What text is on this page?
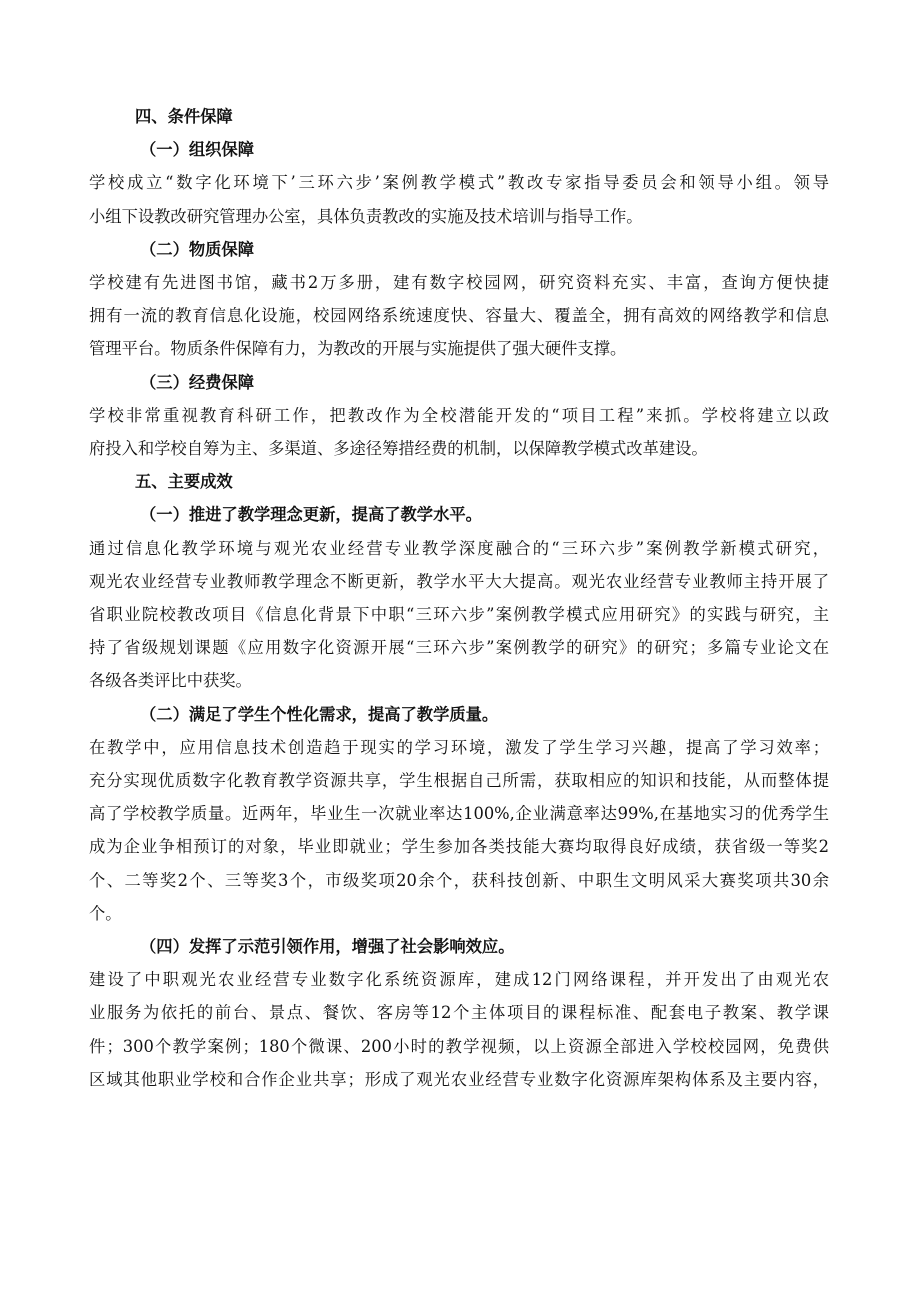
四、条件保障

（一）组织保障

学校成立“数字化环境下’三环六步’案例教学模式”教改专家指导委员会和领导小组。领导

小组下设教改研究管理办公室，具体负责教改的实施及技术培训与指导工作。

（二）物质保障

学校建有先进图书馆，藏书2万多册，建有数字校园网，研究资料充实、丰富，查询方便快捷

拥有一流的教育信息化设施，校园网络系统速度快、容量大、覆盖全，拥有高效的网络教学和信息

管理平台。物质条件保障有力，为教改的开展与实施提供了强大硬件支撑。

（三）经费保障

学校非常重视教育科研工作，把教改作为全校潜能开发的“项目工程”来抓。学校将建立以政

府投入和学校自筹为主、多渠道、多途径筹措经费的机制，以保障教学模式改革建设。

五、主要成效

（一）推进了教学理念更新，提高了教学水平。

通过信息化教学环境与观光农业经营专业教学深度融合的“三环六步”案例教学新模式研究，

观光农业经营专业教师教学理念不断更新，教学水平大大提高。观光农业经营专业教师主持开展了

省职业院校教改项目《信息化背景下中职“三环六步”案例教学模式应用研究》的实践与研究，主

持了省级规划课题《应用数字化资源开展“三环六步”案例教学的研究》的研究；多篇专业论文在

各级各类评比中获奖。

（二）满足了学生个性化需求，提高了教学质量。

在教学中，应用信息技术创造趋于现实的学习环境，激发了学生学习兴趣，提高了学习效率；

充分实现优质数字化教育教学资源共享，学生根据自己所需，获取相应的知识和技能，从而整体提

高了学校教学质量。近两年，毕业生一次就业率达100%,企业满意率达99%,在基地实习的优秀学生

成为企业争相预订的对象，毕业即就业；学生参加各类技能大赛均取得良好成绩，获省级一等奖2

个、二等奖2个、三等奖3个，市级奖项20余个，获科技创新、中职生文明风采大赛奖项共30余

个。

（四）发挥了示范引领作用，增强了社会影响效应。

建设了中职观光农业经营专业数字化系统资源库，建成12门网络课程，并开发出了由观光农

业服务为依托的前台、景点、餐饮、客房等12个主体项目的课程标准、配套电子教案、教学课

件；300个教学案例；180个微课、200小时的教学视频，以上资源全部进入学校校园网，免费供

区域其他职业学校和合作企业共享；形成了观光农业经营专业数字化资源库架构体系及主要内容，
